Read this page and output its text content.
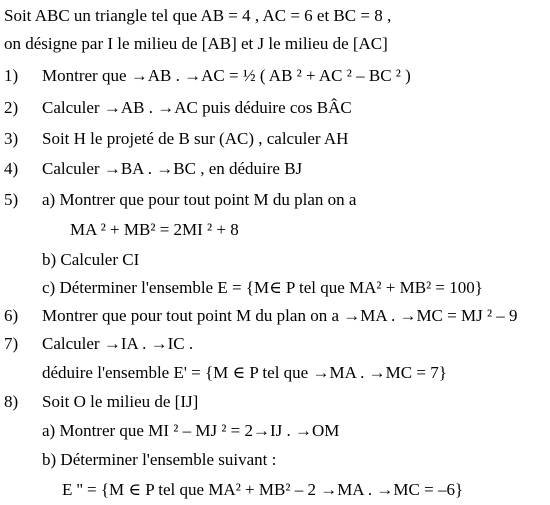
Soit ABC un triangle tel que AB = 4 , AC = 6 et BC = 8 ,
on désigne par I le milieu de [AB] et J le milieu de [AC]
1) Montrer que →AB . →AC = ½ ( AB ² + AC ² – BC ² )
2) Calculer →AB . →AC puis déduire cos BÂC
3) Soit H le projeté de B sur (AC) , calculer AH
4) Calculer →BA . →BC , en déduire BJ
5) a) Montrer que pour tout point M du plan on a
MA ² + MB² = 2MI ² + 8
b) Calculer CI
c) Déterminer l'ensemble E = {M∈ P tel que MA² + MB² = 100}
6) Montrer que pour tout point M du plan on a →MA . →MC = MJ ² – 9
7) Calculer →IA . →IC .
déduire l'ensemble E' = {M ∈ P tel que →MA . →MC = 7}
8) Soit O le milieu de [IJ]
a) Montrer que MI ² – MJ ² = 2→IJ . →OM
b) Déterminer l'ensemble suivant :
E '' = {M ∈ P tel que MA² + MB² – 2 →MA . →MC = –6}
